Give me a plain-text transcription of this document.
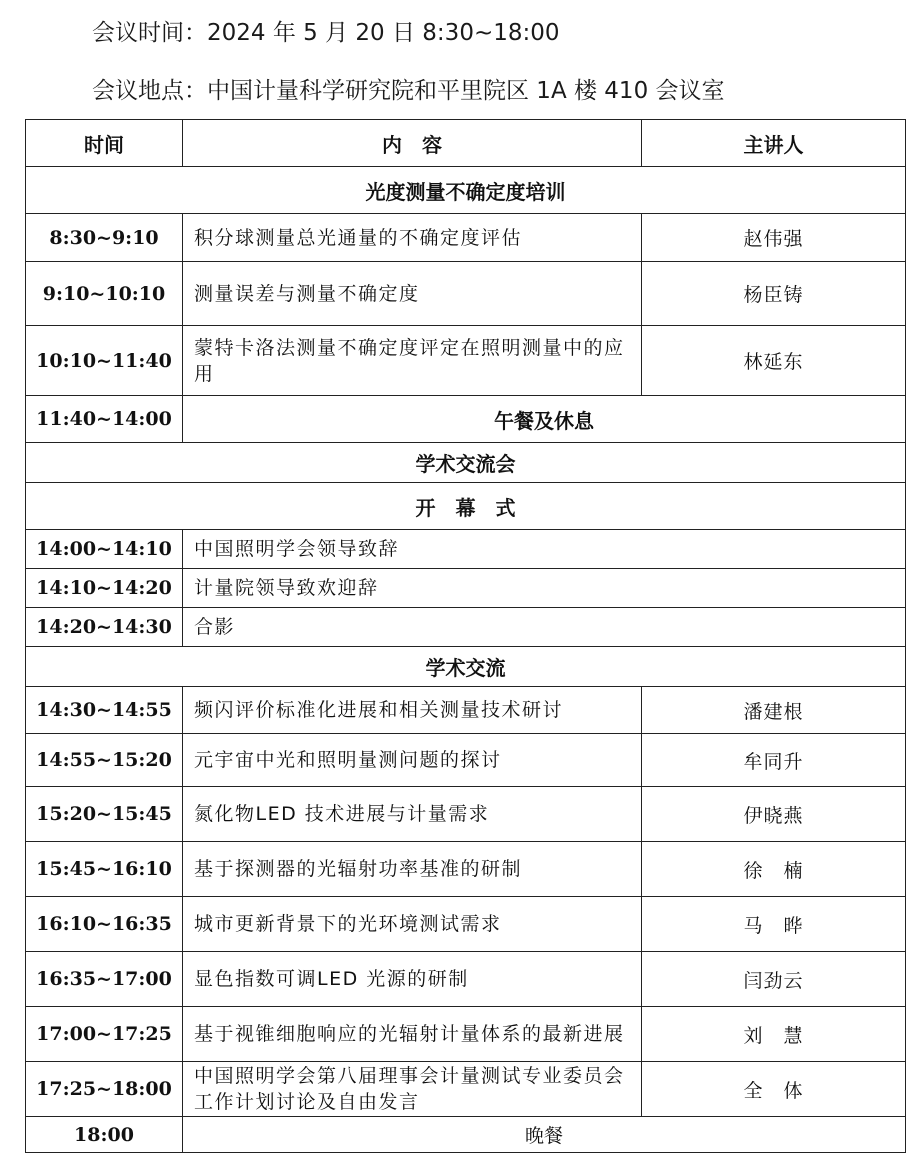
会议时间：2024 年 5 月 20 日 8:30~18:00
会议地点：中国计量科学研究院和平里院区 1A 楼 410 会议室
时间	内　容	主讲人
光度测量不确定度培训		
8:30~9:10	积分球测量总光通量的不确定度评估	赵伟强
9:10~10:10	测量误差与测量不确定度	杨臣铸
10:10~11:40	蒙特卡洛法测量不确定度评定在照明测量中的应用	林延东
11:40~14:00	午餐及休息	
学术交流会		
开　幕　式		
14:00~14:10	中国照明学会领导致辞	
14:10~14:20	计量院领导致欢迎辞	
14:20~14:30	合影	
学术交流		
14:30~14:55	频闪评价标准化进展和相关测量技术研讨	潘建根
14:55~15:20	元宇宙中光和照明量测问题的探讨	牟同升
15:20~15:45	氮化物LED 技术进展与计量需求	伊晓燕
15:45~16:10	基于探测器的光辐射功率基准的研制	徐　楠
16:10~16:35	城市更新背景下的光环境测试需求	马　晔
16:35~17:00	显色指数可调LED 光源的研制	闫劲云
17:00~17:25	基于视锥细胞响应的光辐射计量体系的最新进展	刘　慧
17:25~18:00	中国照明学会第八届理事会计量测试专业委员会工作计划讨论及自由发言	全　体
18:00	晚餐	
